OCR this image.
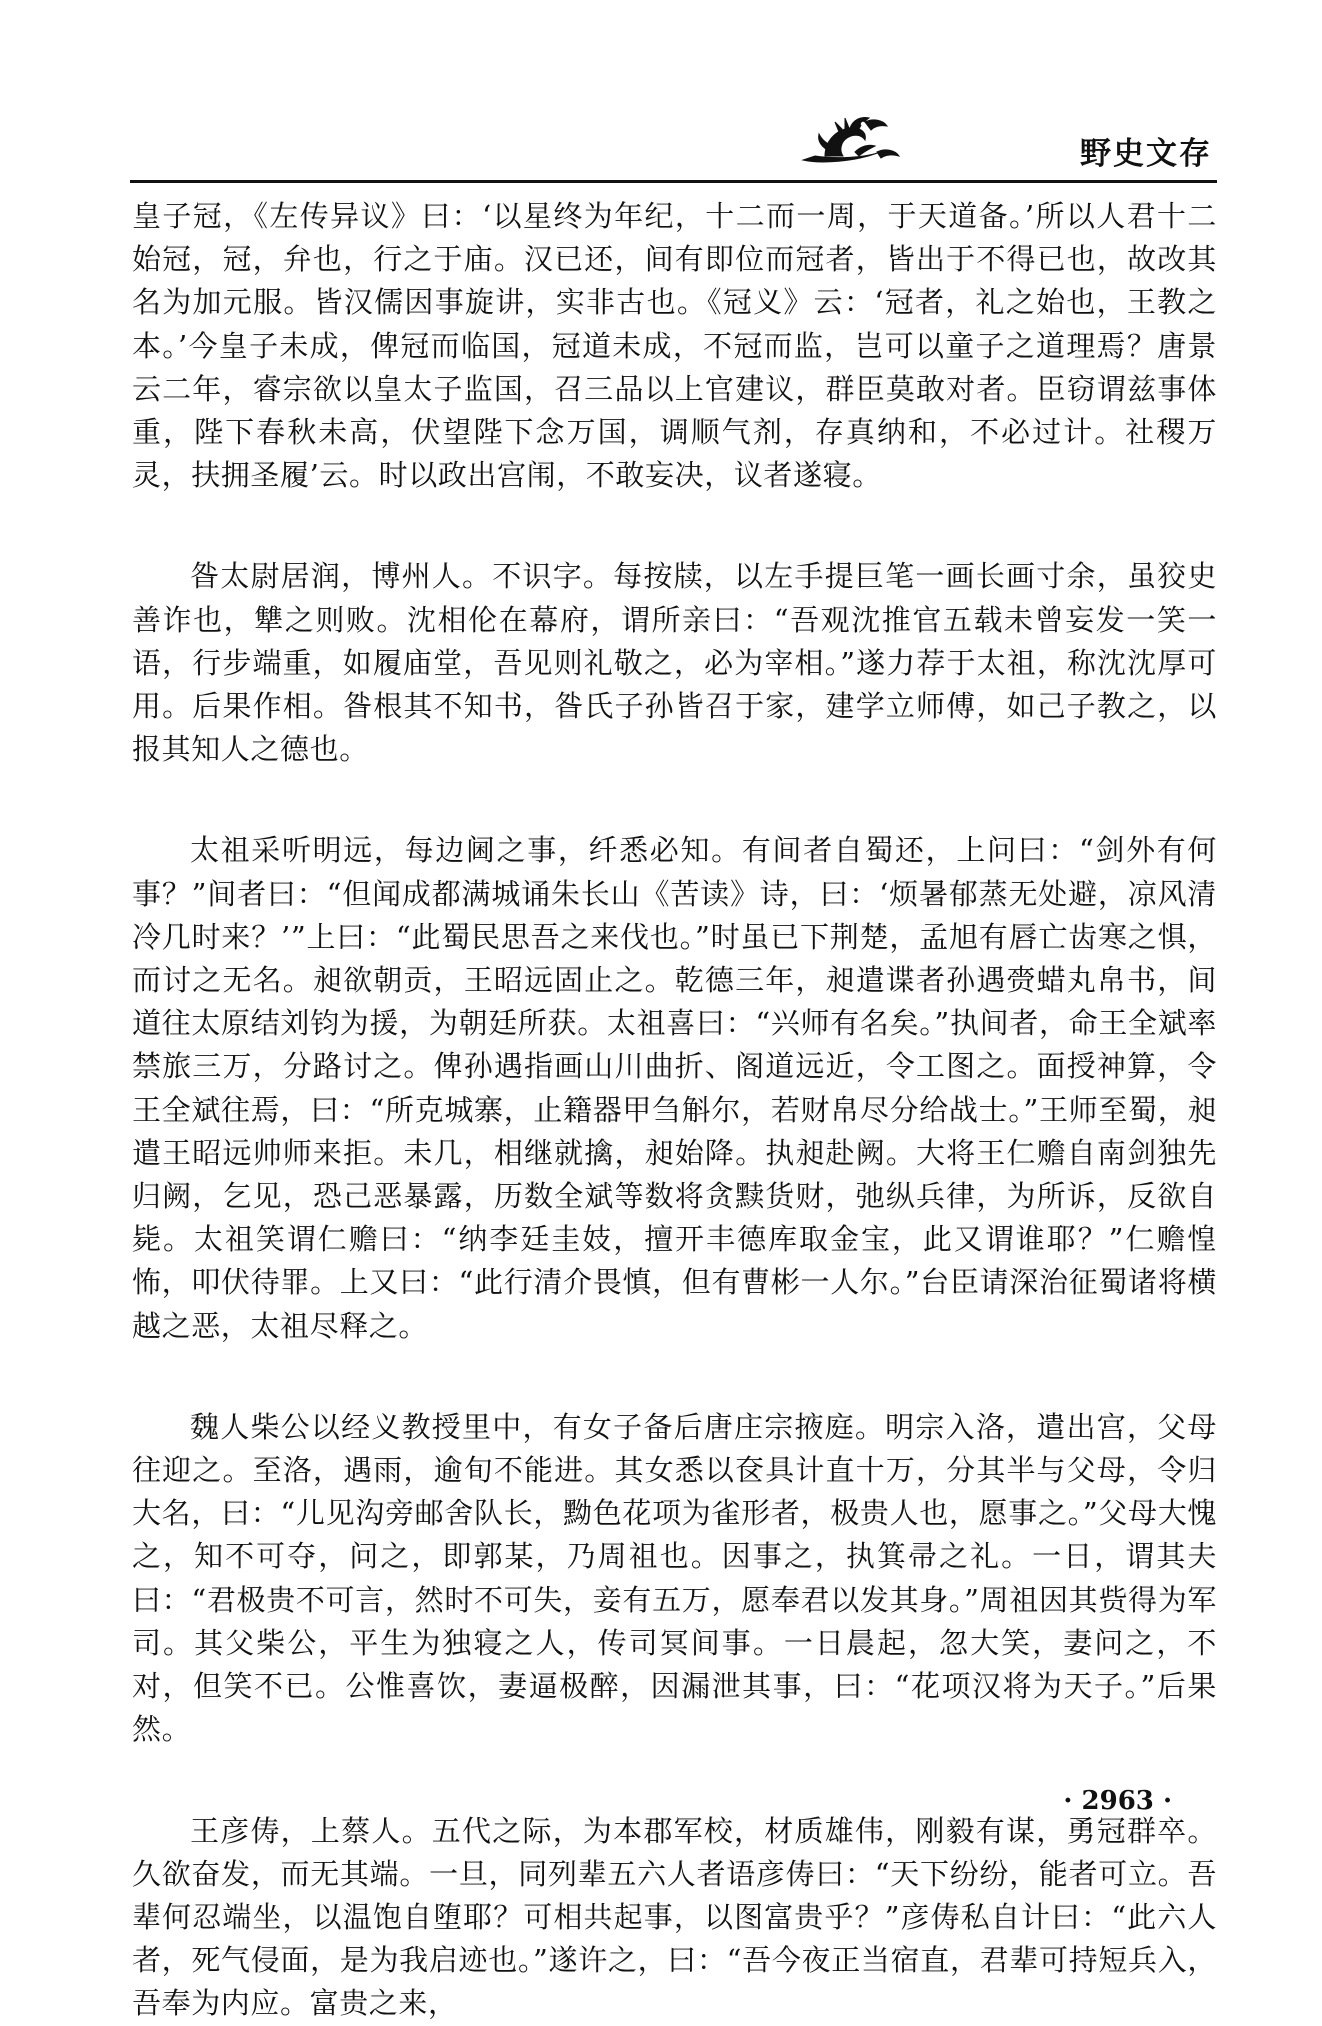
野史文存

皇子冠，《左传异议》曰：‘以星终为年纪，十二而一周，于天道备。’所以人君十二始冠，冠，弁也，行之于庙。汉已还，间有即位而冠者，皆出于不得已也，故改其名为加元服。皆汉儒因事旋讲，实非古也。《冠义》云：‘冠者，礼之始也，王教之本。’今皇子未成，俾冠而临国，冠道未成，不冠而监，岂可以童子之道理焉？唐景云二年，睿宗欲以皇太子监国，召三品以上官建议，群臣莫敢对者。臣窃谓兹事体重，陛下春秋未高，伏望陛下念万国，调顺气剂，存真纳和，不必过计。社稷万灵，扶拥圣履’云。时以政出宫闱，不敢妄决，议者遂寝。

昝太尉居润，博州人。不识字。每按牍，以左手提巨笔一画长画寸余，虽狡史善诈也，犨之则败。沈相伦在幕府，谓所亲曰：“吾观沈推官五载未曾妄发一笑一语，行步端重，如履庙堂，吾见则礼敬之，必为宰相。”遂力荐于太祖，称沈沈厚可用。后果作相。昝根其不知书，昝氏子孙皆召于家，建学立师傅，如己子教之，以报其知人之德也。

太祖采听明远，每边阃之事，纤悉必知。有间者自蜀还，上问曰：“剑外有何事？”间者曰：“但闻成都满城诵朱长山《苦读》诗，曰：‘烦暑郁蒸无处避，凉风清冷几时来？’”上曰：“此蜀民思吾之来伐也。”时虽已下荆楚，孟旭有唇亡齿寒之惧，而讨之无名。昶欲朝贡，王昭远固止之。乾德三年，昶遣谍者孙遇赍蜡丸帛书，间道往太原结刘钧为援，为朝廷所获。太祖喜曰：“兴师有名矣。”执间者，命王全斌率禁旅三万，分路讨之。俾孙遇指画山川曲折、阁道远近，令工图之。面授神算，令王全斌往焉，曰：“所克城寨，止籍器甲刍斛尔，若财帛尽分给战士。”王师至蜀，昶遣王昭远帅师来拒。未几，相继就擒，昶始降。执昶赴阙。大将王仁赡自南剑独先归阙，乞见，恐己恶暴露，历数全斌等数将贪黩货财，弛纵兵律，为所诉，反欲自毙。太祖笑谓仁赡曰：“纳李廷圭妓，擅开丰德库取金宝，此又谓谁耶？”仁赡惶怖，叩伏待罪。上又曰：“此行清介畏慎，但有曹彬一人尔。”台臣请深治征蜀诸将横越之恶，太祖尽释之。

魏人柴公以经义教授里中，有女子备后唐庄宗掖庭。明宗入洛，遣出宫，父母往迎之。至洛，遇雨，逾旬不能进。其女悉以奁具计直十万，分其半与父母，令归大名，曰：“儿见沟旁邮舍队长，黝色花项为雀形者，极贵人也，愿事之。”父母大愧之，知不可夺，问之，即郭某，乃周祖也。因事之，执箕帚之礼。一日，谓其夫曰：“君极贵不可言，然时不可失，妾有五万，愿奉君以发其身。”周祖因其赀得为军司。其父柴公，平生为独寝之人，传司冥间事。一日晨起，忽大笑，妻问之，不对，但笑不已。公惟喜饮，妻逼极醉，因漏泄其事，曰：“花项汉将为天子。”后果然。

王彦俦，上蔡人。五代之际，为本郡军校，材质雄伟，刚毅有谋，勇冠群卒。久欲奋发，而无其端。一旦，同列辈五六人者语彦俦曰：“天下纷纷，能者可立。吾辈何忍端坐，以温饱自堕耶？可相共起事，以图富贵乎？”彦俦私自计曰：“此六人者，死气侵面，是为我启迹也。”遂许之，曰：“吾今夜正当宿直，君辈可持短兵入，吾奉为内应。富贵之来，

· 2963 ·
